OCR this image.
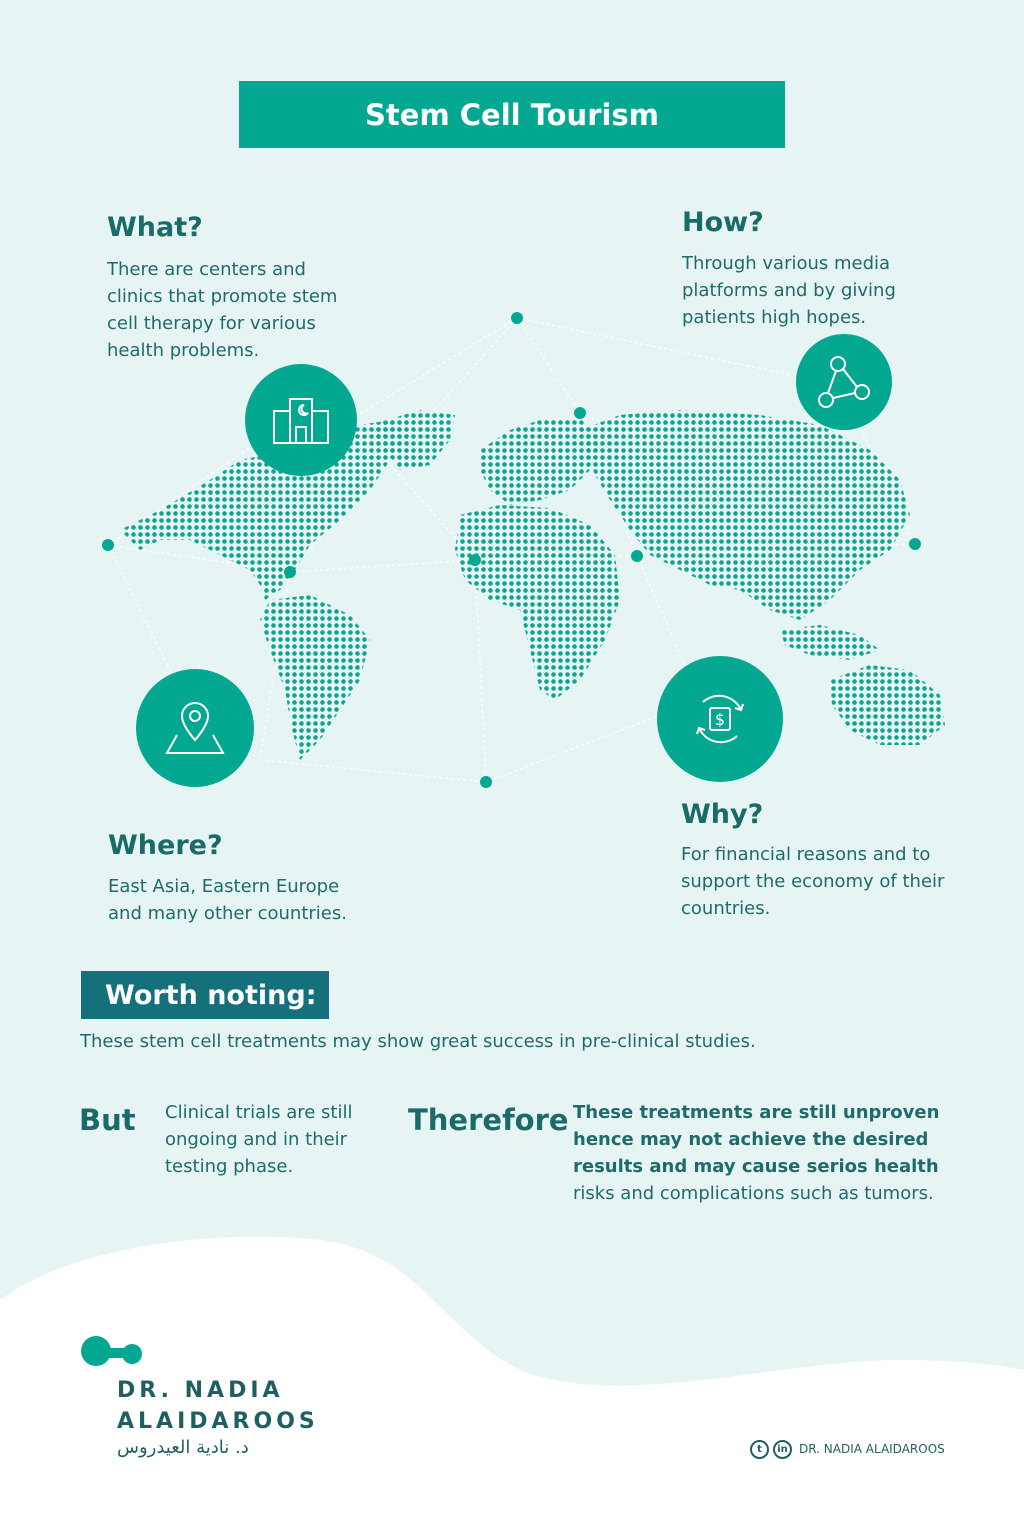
Stem Cell Tourism
What?

There are centers and
clinics that promote stem
cell therapy for various
health problems.

How?

Through various media
platforms and by giving
patients high hopes.

Where?

East Asia, Eastern Europe
and many other countries.

$
Why?

For financial reasons and to
support the economy of their
countries.

Worth noting:

These stem cell treatments may show great success in pre-clinical studies.

But Clinical trials are still
ongoing and in their
testing phase.

Therefore These treatments are still unproven
hence may not achieve the desired
results and may cause serios health
risks and complications such as tumors.

DR. NADIA
ALAIDAROOS
د. نادية العيدروس	t	in DR. NADIA ALAIDAROOS
